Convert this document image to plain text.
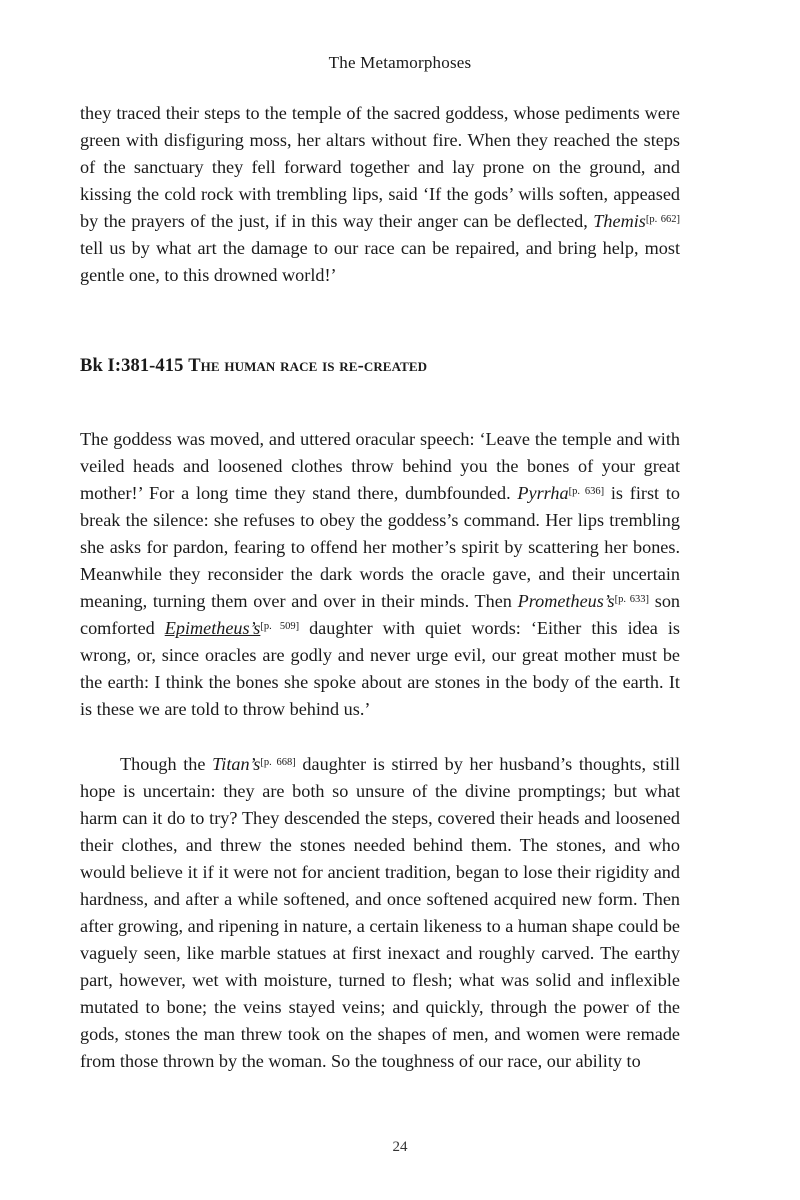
The Metamorphoses

they traced their steps to the temple of the sacred goddess, whose pediments were green with disfiguring moss, her altars without fire. When they reached the steps of the sanctuary they fell forward together and lay prone on the ground, and kissing the cold rock with trembling lips, said ‘If the gods’ wills soften, appeased by the prayers of the just, if in this way their anger can be deflected, Themis[p. 662] tell us by what art the damage to our race can be repaired, and bring help, most gentle one, to this drowned world!’

Bk I:381-415 The human race is re-created

The goddess was moved, and uttered oracular speech: ‘Leave the temple and with veiled heads and loosened clothes throw behind you the bones of your great mother!’ For a long time they stand there, dumbfounded. Pyrrha[p. 636] is first to break the silence: she refuses to obey the goddess’s command. Her lips trembling she asks for pardon, fearing to offend her mother’s spirit by scattering her bones. Meanwhile they reconsider the dark words the oracle gave, and their uncertain meaning, turning them over and over in their minds. Then Prometheus’s[p. 633] son comforted Epimetheus’s[p. 509] daughter with quiet words: ‘Either this idea is wrong, or, since oracles are godly and never urge evil, our great mother must be the earth: I think the bones she spoke about are stones in the body of the earth. It is these we are told to throw behind us.’

Though the Titan’s[p. 668] daughter is stirred by her husband’s thoughts, still hope is uncertain: they are both so unsure of the divine promptings; but what harm can it do to try? They descended the steps, covered their heads and loosened their clothes, and threw the stones needed behind them. The stones, and who would believe it if it were not for ancient tradition, began to lose their rigidity and hardness, and after a while softened, and once softened acquired new form. Then after growing, and ripening in nature, a certain likeness to a human shape could be vaguely seen, like marble statues at first inexact and roughly carved. The earthy part, however, wet with moisture, turned to flesh; what was solid and inflexible mutated to bone; the veins stayed veins; and quickly, through the power of the gods, stones the man threw took on the shapes of men, and women were remade from those thrown by the woman. So the toughness of our race, our ability to

24
